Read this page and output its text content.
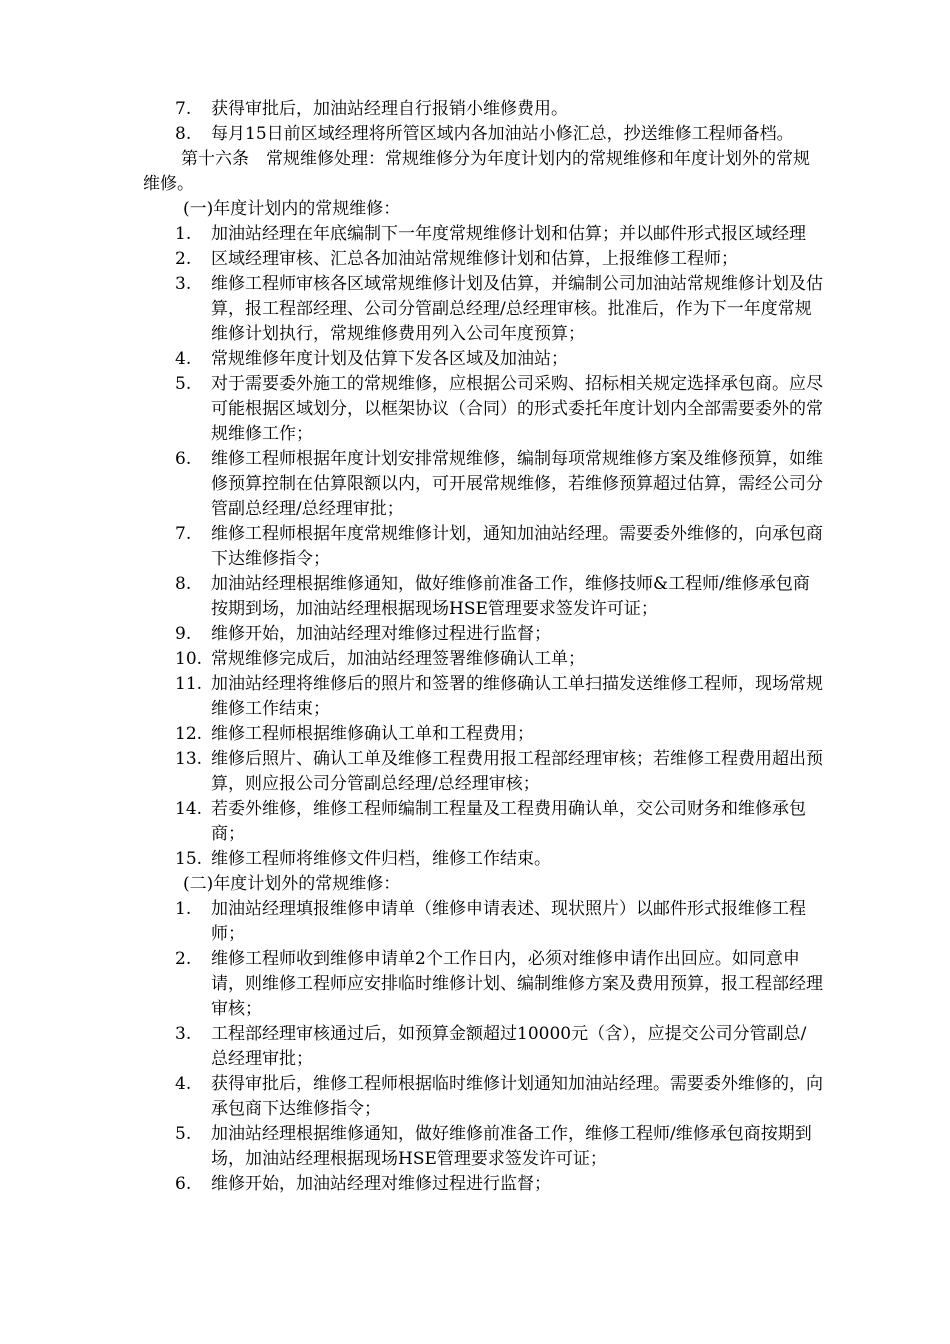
7. 获得审批后，加油站经理自行报销小维修费用。

8. 每月15日前区域经理将所管区域内各加油站小修汇总，抄送维修工程师备档。

第十六条　常规维修处理：常规维修分为年度计划内的常规维修和年度计划外的常规维修。

(一)年度计划内的常规维修：

1. 加油站经理在年底编制下一年度常规维修计划和估算；并以邮件形式报区域经理

2. 区域经理审核、汇总各加油站常规维修计划和估算，上报维修工程师；

3. 维修工程师审核各区域常规维修计划及估算，并编制公司加油站常规维修计划及估算，报工程部经理、公司分管副总经理/总经理审核。批准后，作为下一年度常规维修计划执行，常规维修费用列入公司年度预算；

4. 常规维修年度计划及估算下发各区域及加油站；

5. 对于需要委外施工的常规维修，应根据公司采购、招标相关规定选择承包商。应尽可能根据区域划分，以框架协议（合同）的形式委托年度计划内全部需要委外的常规维修工作；

6. 维修工程师根据年度计划安排常规维修，编制每项常规维修方案及维修预算，如维修预算控制在估算限额以内，可开展常规维修，若维修预算超过估算，需经公司分管副总经理/总经理审批；

7. 维修工程师根据年度常规维修计划，通知加油站经理。需要委外维修的，向承包商下达维修指令；

8. 加油站经理根据维修通知，做好维修前准备工作，维修技师&工程师/维修承包商按期到场，加油站经理根据现场HSE管理要求签发许可证；

9. 维修开始，加油站经理对维修过程进行监督；

10. 常规维修完成后，加油站经理签署维修确认工单；

11. 加油站经理将维修后的照片和签署的维修确认工单扫描发送维修工程师，现场常规维修工作结束；

12. 维修工程师根据维修确认工单和工程费用；

13. 维修后照片、确认工单及维修工程费用报工程部经理审核；若维修工程费用超出预算，则应报公司分管副总经理/总经理审核；

14. 若委外维修，维修工程师编制工程量及工程费用确认单，交公司财务和维修承包商；

15. 维修工程师将维修文件归档，维修工作结束。

(二)年度计划外的常规维修：

1. 加油站经理填报维修申请单（维修申请表述、现状照片）以邮件形式报维修工程师；

2. 维修工程师收到维修申请单2个工作日内，必须对维修申请作出回应。如同意申请，则维修工程师应安排临时维修计划、编制维修方案及费用预算，报工程部经理审核；

3. 工程部经理审核通过后，如预算金额超过10000元（含），应提交公司分管副总/总经理审批；

4. 获得审批后，维修工程师根据临时维修计划通知加油站经理。需要委外维修的，向承包商下达维修指令；

5. 加油站经理根据维修通知，做好维修前准备工作，维修工程师/维修承包商按期到场，加油站经理根据现场HSE管理要求签发许可证；

6. 维修开始，加油站经理对维修过程进行监督；
